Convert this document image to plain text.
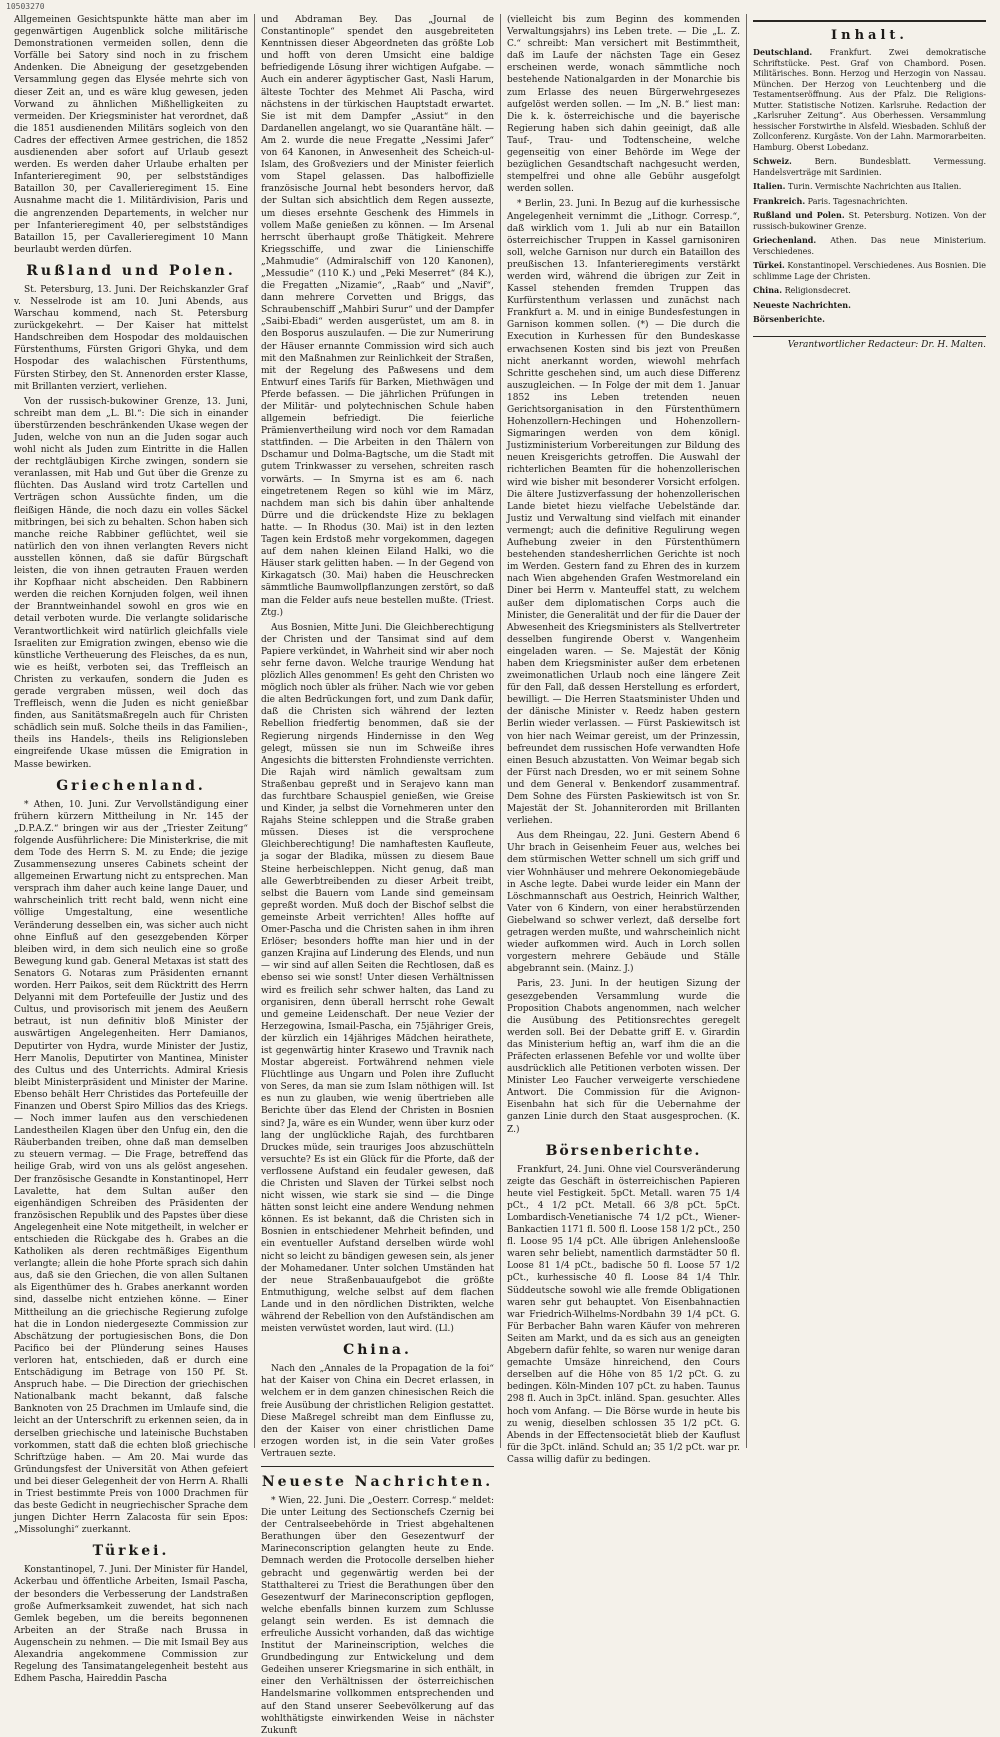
10503270

Allgemeinen Gesichtspunkte hätte man aber im gegenwärtigen Augenblick solche militärische Demonstrationen vermeiden sollen, denn die Vorfälle bei Satory sind noch in zu frischem Andenken. Die Abneigung der gesetzgebenden Versammlung gegen das Elysée mehrte sich von dieser Zeit an, und es wäre klug gewesen, jeden Vorwand zu ähnlichen Mißhelligkeiten zu vermeiden. Der Kriegsminister hat verordnet, daß die 1851 ausdienenden Militärs sogleich von den Cadres der effectiven Armee gestrichen, die 1852 ausdienenden aber sofort auf Urlaub gesezt werden. Es werden daher Urlaube erhalten per Infanterieregiment 90, per selbstständiges Bataillon 30, per Cavallerieregiment 15. Eine Ausnahme macht die 1. Militärdivision, Paris und die angrenzenden Departements, in welcher nur per Infanterieregiment 40, per selbstständiges Bataillon 15, per Cavallerieregiment 10 Mann beurlaubt werden dürfen.

Rußland und Polen.

St. Petersburg, 13. Juni. Der Reichskanzler Graf v. Nesselrode ist am 10. Juni Abends, aus Warschau kommend, nach St. Petersburg zurückgekehrt. — Der Kaiser hat mittelst Handschreiben dem Hospodar des moldauischen Fürstenthums, Fürsten Grigori Ghyka, und dem Hospodar des walachischen Fürstenthums, Fürsten Stirbey, den St. Annenorden erster Klasse, mit Brillanten verziert, verliehen.

Von der russisch-bukowiner Grenze, 13. Juni, schreibt man dem „L. Bl.“: Die sich in einander überstürzenden beschränkenden Ukase wegen der Juden, welche von nun an die Juden sogar auch wohl nicht als Juden zum Eintritte in die Hallen der rechtgläubigen Kirche zwingen, sondern sie veranlassen, mit Hab und Gut über die Grenze zu flüchten. Das Ausland wird trotz Cartellen und Verträgen schon Aussüchte finden, um die fleißigen Hände, die noch dazu ein volles Säckel mitbringen, bei sich zu behalten. Schon haben sich manche reiche Rabbiner geflüchtet, weil sie natürlich den von ihnen verlangten Revers nicht ausstellen können, daß sie dafür Bürgschaft leisten, die von ihnen getrauten Frauen werden ihr Kopfhaar nicht abscheiden. Den Rabbinern werden die reichen Kornjuden folgen, weil ihnen der Branntweinhandel sowohl en gros wie en detail verboten wurde. Die verlangte solidarische Verantwortlichkeit wird natürlich gleichfalls viele Israeliten zur Emigration zwingen, ebenso wie die künstliche Vertheuerung des Fleisches, da es nun, wie es heißt, verboten sei, das Treffleisch an Christen zu verkaufen, sondern die Juden es gerade vergraben müssen, weil doch das Treffleisch, wenn die Juden es nicht genießbar finden, aus Sanitätsmaßregeln auch für Christen schädlich sein muß. Solche theils in das Familien-, theils ins Handels-, theils ins Religionsleben eingreifende Ukase müssen die Emigration in Masse bewirken.

Griechenland.

* Athen, 10. Juni. Zur Vervollständigung einer frühern kürzern Mittheilung in Nr. 145 der „D.P.A.Z.“ bringen wir aus der „Triester Zeitung“ folgende Ausführlichere: Die Ministerkrise, die mit dem Tode des Herrn S. M. zu Ende; die jezige Zusammensezung unseres Cabinets scheint der allgemeinen Erwartung nicht zu entsprechen. Man versprach ihm daher auch keine lange Dauer, und wahrscheinlich tritt recht bald, wenn nicht eine völlige Umgestaltung, eine wesentliche Veränderung desselben ein, was sicher auch nicht ohne Einfluß auf den gesezgebenden Körper bleiben wird, in dem sich neulich eine so große Bewegung kund gab. General Metaxas ist statt des Senators G. Notaras zum Präsidenten ernannt worden. Herr Paikos, seit dem Rücktritt des Herrn Delyanni mit dem Portefeuille der Justiz und des Cultus, und provisorisch mit jenem des Aeußern betraut, ist nun definitiv bloß Minister der auswärtigen Angelegenheiten. Herr Damianos, Deputirter von Hydra, wurde Minister der Justiz, Herr Manolis, Deputirter von Mantinea, Minister des Cultus und des Unterrichts. Admiral Kriesis bleibt Ministerpräsident und Minister der Marine. Ebenso behält Herr Christides das Portefeuille der Finanzen und Oberst Spiro Millios das des Kriegs. — Noch immer laufen aus den verschiedenen Landestheilen Klagen über den Unfug ein, den die Räuberbanden treiben, ohne daß man demselben zu steuern vermag. — Die Frage, betreffend das heilige Grab, wird von uns als gelöst angesehen. Der französische Gesandte in Konstantinopel, Herr Lavalette, hat dem Sultan außer den eigenhändigen Schreiben des Präsidenten der französischen Republik und des Papstes über diese Angelegenheit eine Note mitgetheilt, in welcher er entschieden die Rückgabe des h. Grabes an die Katholiken als deren rechtmäßiges Eigenthum verlangte; allein die hohe Pforte sprach sich dahin aus, daß sie den Griechen, die von allen Sultanen als Eigenthümer des h. Grabes anerkannt worden sind, dasselbe nicht entziehen könne. — Einer Mittheilung an die griechische Regierung zufolge hat die in London niedergesezte Commission zur Abschätzung der portugiesischen Bons, die Don Pacifico bei der Plünderung seines Hauses verloren hat, entschieden, daß er durch eine Entschädigung im Betrage von 150 Pf. St. Anspruch habe. — Die Direction der griechischen Nationalbank macht bekannt, daß falsche Banknoten von 25 Drachmen im Umlaufe sind, die leicht an der Unterschrift zu erkennen seien, da in derselben griechische und lateinische Buchstaben vorkommen, statt daß die echten bloß griechische Schriftzüge haben. — Am 20. Mai wurde das Gründungsfest der Universität von Athen gefeiert und bei dieser Gelegenheit der von Herrn A. Rhalli in Triest bestimmte Preis von 1000 Drachmen für das beste Gedicht in neugriechischer Sprache dem jungen Dichter Herrn Zalacosta für sein Epos: „Missolunghi“ zuerkannt.

Türkei.

Konstantinopel, 7. Juni. Der Minister für Handel, Ackerbau und öffentliche Arbeiten, Ismail Pascha, der besonders die Verbesserung der Landstraßen große Aufmerksamkeit zuwendet, hat sich nach Gemlek begeben, um die bereits begonnenen Arbeiten an der Straße nach Brussa in Augenschein zu nehmen. — Die mit Ismail Bey aus Alexandria angekommene Commission zur Regelung des Tansimatangelegenheit besteht aus Edhem Pascha, Haireddin Pascha

und Abdraman Bey. Das „Journal de Constantinople“ spendet den ausgebreiteten Kenntnissen dieser Abgeordneten das größte Lob und hofft von deren Umsicht eine baldige befriedigende Lösung ihrer wichtigen Aufgabe. — Auch ein anderer ägyptischer Gast, Nasli Harum, älteste Tochter des Mehmet Ali Pascha, wird nächstens in der türkischen Hauptstadt erwartet. Sie ist mit dem Dampfer „Assiut“ in den Dardanellen angelangt, wo sie Quarantäne hält. — Am 2. wurde die neue Fregatte „Nessimi Jafer“ von 64 Kanonen, in Anwesenheit des Scheich-ul-Islam, des Großveziers und der Minister feierlich vom Stapel gelassen. Das halboffizielle französische Journal hebt besonders hervor, daß der Sultan sich absichtlich dem Regen aussezte, um dieses ersehnte Geschenk des Himmels in vollem Maße genießen zu können. — Im Arsenal herrscht überhaupt große Thätigkeit. Mehrere Kriegsschiffe, und zwar die Linienschiffe „Mahmudie“ (Admiralschiff von 120 Kanonen), „Messudie“ (110 K.) und „Peki Meserret“ (84 K.), die Fregatten „Nizamie“, „Raab“ und „Navif“, dann mehrere Corvetten und Briggs, das Schraubenschiff „Mahbiri Surur“ und der Dampfer „Saibi-Ebadi“ werden ausgerüstet, um am 8. in den Bosporus auszulaufen. — Die zur Numerirung der Häuser ernannte Commission wird sich auch mit den Maßnahmen zur Reinlichkeit der Straßen, mit der Regelung des Paßwesens und dem Entwurf eines Tarifs für Barken, Miethwägen und Pferde befassen. — Die jährlichen Prüfungen in der Militär- und polytechnischen Schule haben allgemein befriedigt. Die feierliche Prämienvertheilung wird noch vor dem Ramadan stattfinden. — Die Arbeiten in den Thälern von Dschamur und Dolma-Bagtsche, um die Stadt mit gutem Trinkwasser zu versehen, schreiten rasch vorwärts. — In Smyrna ist es am 6. nach eingetretenem Regen so kühl wie im März, nachdem man sich bis dahin über anhaltende Dürre und die drückendste Hize zu beklagen hatte. — In Rhodus (30. Mai) ist in den lezten Tagen kein Erdstoß mehr vorgekommen, dagegen auf dem nahen kleinen Eiland Halki, wo die Häuser stark gelitten haben. — In der Gegend von Kirkagatsch (30. Mai) haben die Heuschrecken sämmtliche Baumwollpflanzungen zerstört, so daß man die Felder aufs neue bestellen mußte. (Triest. Ztg.)

Aus Bosnien, Mitte Juni. Die Gleichberechtigung der Christen und der Tansimat sind auf dem Papiere verkündet, in Wahrheit sind wir aber noch sehr ferne davon. Welche traurige Wendung hat plözlich Alles genommen! Es geht den Christen wo möglich noch übler als früher. Nach wie vor geben die alten Bedrückungen fort, und zum Dank dafür, daß die Christen sich während der lezten Rebellion friedfertig benommen, daß sie der Regierung nirgends Hindernisse in den Weg gelegt, müssen sie nun im Schweiße ihres Angesichts die bittersten Frohndienste verrichten. Die Rajah wird nämlich gewaltsam zum Straßenbau gepreßt und in Serajevo kann man das furchtbare Schauspiel genießen, wie Greise und Kinder, ja selbst die Vornehmeren unter den Rajahs Steine schleppen und die Straße graben müssen. Dieses ist die versprochene Gleichberechtigung! Die namhaftesten Kaufleute, ja sogar der Bladika, müssen zu diesem Baue Steine herbeischleppen. Nicht genug, daß man alle Gewerbtreibenden zu dieser Arbeit treibt, selbst die Bauern vom Lande sind gemeinsam gepreßt worden. Muß doch der Bischof selbst die gemeinste Arbeit verrichten! Alles hoffte auf Omer-Pascha und die Christen sahen in ihm ihren Erlöser; besonders hoffte man hier und in der ganzen Krajina auf Linderung des Elends, und nun — wir sind auf allen Seiten die Rechtlosen, daß es ebenso sei wie sonst! Unter diesen Verhältnissen wird es freilich sehr schwer halten, das Land zu organisiren, denn überall herrscht rohe Gewalt und gemeine Leidenschaft. Der neue Vezier der Herzegowina, Ismail-Pascha, ein 75jähriger Greis, der kürzlich ein 14jähriges Mädchen heirathete, ist gegenwärtig hinter Krasewo und Travnik nach Mostar abgereist. Fortwährend nehmen viele Flüchtlinge aus Ungarn und Polen ihre Zuflucht von Seres, da man sie zum Islam nöthigen will. Ist es nun zu glauben, wie wenig übertrieben alle Berichte über das Elend der Christen in Bosnien sind? Ja, wäre es ein Wunder, wenn über kurz oder lang der unglückliche Rajah, des furchtbaren Druckes müde, sein trauriges Joos abzuschütteln versuchte? Es ist ein Glück für die Pforte, daß der verflossene Aufstand ein feudaler gewesen, daß die Christen und Slaven der Türkei selbst noch nicht wissen, wie stark sie sind — die Dinge hätten sonst leicht eine andere Wendung nehmen können. Es ist bekannt, daß die Christen sich in Bosnien in entschiedener Mehrheit befinden, und ein eventueller Aufstand derselben würde wohl nicht so leicht zu bändigen gewesen sein, als jener der Mohamedaner. Unter solchen Umständen hat der neue Straßenbauaufgebot die größte Entmuthigung, welche selbst auf dem flachen Lande und in den nördlichen Distrikten, welche während der Rebellion von den Aufständischen am meisten verwüstet worden, laut wird. (Ll.)

China.

Nach den „Annales de la Propagation de la foi“ hat der Kaiser von China ein Decret erlassen, in welchem er in dem ganzen chinesischen Reich die freie Ausübung der christlichen Religion gestattet. Diese Maßregel schreibt man dem Einflusse zu, den der Kaiser von einer christlichen Dame erzogen worden ist, in die sein Vater großes Vertrauen sezte.

Neueste Nachrichten.

* Wien, 22. Juni. Die „Oesterr. Corresp.“ meldet: Die unter Leitung des Sectionschefs Czernig bei der Centralseebehörde in Triest abgehaltenen Berathungen über den Gesezentwurf der Marineconscription gelangten heute zu Ende. Demnach werden die Protocolle derselben hieher gebracht und gegenwärtig werden bei der Statthalterei zu Triest die Berathungen über den Gesezentwurf der Marineconscription gepflogen, welche ebenfalls binnen kurzem zum Schlusse gelangt sein werden. Es ist demnach die erfreuliche Aussicht vorhanden, daß das wichtige Institut der Marineinscription, welches die Grundbedingung zur Entwickelung und dem Gedeihen unserer Kriegsmarine in sich enthält, in einer den Verhältnissen der österreichischen Handelsmarine vollkommen entsprechenden und auf den Stand unserer Seebevölkerung auf das wohlthätigste einwirkenden Weise in nächster Zukunft

(vielleicht bis zum Beginn des kommenden Verwaltungsjahrs) ins Leben trete. — Die „L. Z. C.“ schreibt: Man versichert mit Bestimmtheit, daß im Laufe der nächsten Tage ein Gesez erscheinen werde, wonach sämmtliche noch bestehende Nationalgarden in der Monarchie bis zum Erlasse des neuen Bürgerwehrgesezes aufgelöst werden sollen. — Im „N. B.“ liest man: Die k. k. österreichische und die bayerische Regierung haben sich dahin geeinigt, daß alle Tauf-, Trau- und Todtenscheine, welche gegenseitig von einer Behörde im Wege der bezüglichen Gesandtschaft nachgesucht werden, stempelfrei und ohne alle Gebühr ausgefolgt werden sollen.

* Berlin, 23. Juni. In Bezug auf die kurhessische Angelegenheit vernimmt die „Lithogr. Corresp.“, daß wirklich vom 1. Juli ab nur ein Bataillon österreichischer Truppen in Kassel garnisoniren soll, welche Garnison nur durch ein Bataillon des preußischen 13. Infanterieregiments verstärkt werden wird, während die übrigen zur Zeit in Kassel stehenden fremden Truppen das Kurfürstenthum verlassen und zunächst nach Frankfurt a. M. und in einige Bundesfestungen in Garnison kommen sollen. (*) — Die durch die Execution in Kurhessen für den Bundeskasse erwachsenen Kosten sind bis jezt von Preußen nicht anerkannt worden, wiewohl mehrfach Schritte geschehen sind, um auch diese Differenz auszugleichen. — In Folge der mit dem 1. Januar 1852 ins Leben tretenden neuen Gerichtsorganisation in den Fürstenthümern Hohenzollern-Hechingen und Hohenzollern-Sigmaringen werden von dem königl. Justizministerium Vorbereitungen zur Bildung des neuen Kreisgerichts getroffen. Die Auswahl der richterlichen Beamten für die hohenzollerischen wird wie bisher mit besonderer Vorsicht erfolgen. Die ältere Justizverfassung der hohenzollerischen Lande bietet hiezu vielfache Uebelstände dar. Justiz und Verwaltung sind vielfach mit einander vermengt; auch die definitive Regulirung wegen Aufhebung zweier in den Fürstenthümern bestehenden standesherrlichen Gerichte ist noch im Werden. Gestern fand zu Ehren des in kurzem nach Wien abgehenden Grafen Westmoreland ein Diner bei Herrn v. Manteuffel statt, zu welchem außer dem diplomatischen Corps auch die Minister, die Generalität und der für die Dauer der Abwesenheit des Kriegsministers als Stellvertreter desselben fungirende Oberst v. Wangenheim eingeladen waren. — Se. Majestät der König haben dem Kriegsminister außer dem erbetenen zweimonatlichen Urlaub noch eine längere Zeit für den Fall, daß dessen Herstellung es erfordert, bewilligt. — Die Herren Staatsminister Uhden und der dänische Minister v. Reedz haben gestern Berlin wieder verlassen. — Fürst Paskiewitsch ist von hier nach Weimar gereist, um der Prinzessin, befreundet dem russischen Hofe verwandten Hofe einen Besuch abzustatten. Von Weimar begab sich der Fürst nach Dresden, wo er mit seinem Sohne und dem General v. Benkendorf zusammentraf. Dem Sohne des Fürsten Paskiewitsch ist von Sr. Majestät der St. Johanniterorden mit Brillanten verliehen.

Aus dem Rheingau, 22. Juni. Gestern Abend 6 Uhr brach in Geisenheim Feuer aus, welches bei dem stürmischen Wetter schnell um sich griff und vier Wohnhäuser und mehrere Oekonomiegebäude in Asche legte. Dabei wurde leider ein Mann der Löschmannschaft aus Oestrich, Heinrich Walther, Vater von 6 Kindern, von einer herabstürzenden Giebelwand so schwer verlezt, daß derselbe fort getragen werden mußte, und wahrscheinlich nicht wieder aufkommen wird. Auch in Lorch sollen vorgestern mehrere Gebäude und Ställe abgebrannt sein. (Mainz. J.)

Paris, 23. Juni. In der heutigen Sizung der gesezgebenden Versammlung wurde die Proposition Chabots angenommen, nach welcher die Ausübung des Petitionsrechtes geregelt werden soll. Bei der Debatte griff E. v. Girardin das Ministerium heftig an, warf ihm die an die Präfecten erlassenen Befehle vor und wollte über ausdrücklich alle Petitionen verboten wissen. Der Minister Leo Faucher verweigerte verschiedene Antwort. Die Commission für die Avignon-Eisenbahn hat sich für die Uebernahme der ganzen Linie durch den Staat ausgesprochen. (K. Z.)

Börsenberichte.

Frankfurt, 24. Juni. Ohne viel Coursveränderung zeigte das Geschäft in österreichischen Papieren heute viel Festigkeit. 5pCt. Metall. waren 75 1/4 pCt., 4 1/2 pCt. Metall. 66 3/8 pCt. 5pCt. Lombardisch-Venetianische 74 1/2 pCt., Wiener-Bankactien 1171 fl. 500 fl. Loose 158 1/2 pCt., 250 fl. Loose 95 1/4 pCt. Alle übrigen Anlehenslooße waren sehr beliebt, namentlich darmstädter 50 fl. Loose 81 1/4 pCt., badische 50 fl. Loose 57 1/2 pCt., kurhessische 40 fl. Loose 84 1/4 Thlr. Süddeutsche sowohl wie alle fremde Obligationen waren sehr gut behauptet. Von Eisenbahnactien war Friedrich-Wilhelms-Nordbahn 39 1/4 pCt. G. Für Berbacher Bahn waren Käufer von mehreren Seiten am Markt, und da es sich aus an geneigten Abgebern dafür fehlte, so waren nur wenige daran gemachte Umsäze hinreichend, den Cours derselben auf die Höhe von 85 1/2 pCt. G. zu bedingen. Köln-Minden 107 pCt. zu haben. Taunus 298 fl. Auch in 3pCt. inländ. Span. gesuchter. Alles hoch vom Anfang. — Die Börse wurde in heute bis zu wenig, dieselben schlossen 35 1/2 pCt. G. Abends in der Effectensocietät blieb der Kauflust für die 3pCt. inländ. Schuld an; 35 1/2 pCt. war pr. Cassa willig dafür zu bedingen.

Inhalt.

Deutschland. Frankfurt. Zwei demokratische Schriftstücke. Pest. Graf von Chambord. Posen. Militärisches. Bonn. Herzog und Herzogin von Nassau. München. Der Herzog von Leuchtenberg und die Testamentseröffnung. Aus der Pfalz. Die Religions-Mutter. Statistische Notizen. Karlsruhe. Redaction der „Karlsruher Zeitung“. Aus Oberhessen. Versammlung hessischer Forstwirthe in Alsfeld. Wiesbaden. Schluß der Zollconferenz. Kurgäste. Von der Lahn. Marmorarbeiten. Hamburg. Oberst Lobedanz.

Schweiz.	Bern. Bundesblatt. Vermessung. Handelsverträge mit Sardinien.

Italien. Turin. Vermischte Nachrichten aus Italien.

Frankreich. Paris. Tagesnachrichten.

Rußland und Polen. St. Petersburg. Notizen. Von der russisch-bukowiner Grenze.

Griechenland. Athen. Das neue Ministerium. Verschiedenes.

Türkei. Konstantinopel. Verschiedenes. Aus Bosnien. Die schlimme Lage der Christen.

China. Religionsdecret.

Neueste Nachrichten.

Börsenberichte.

Verantwortlicher Redacteur: Dr. H. Malten.
